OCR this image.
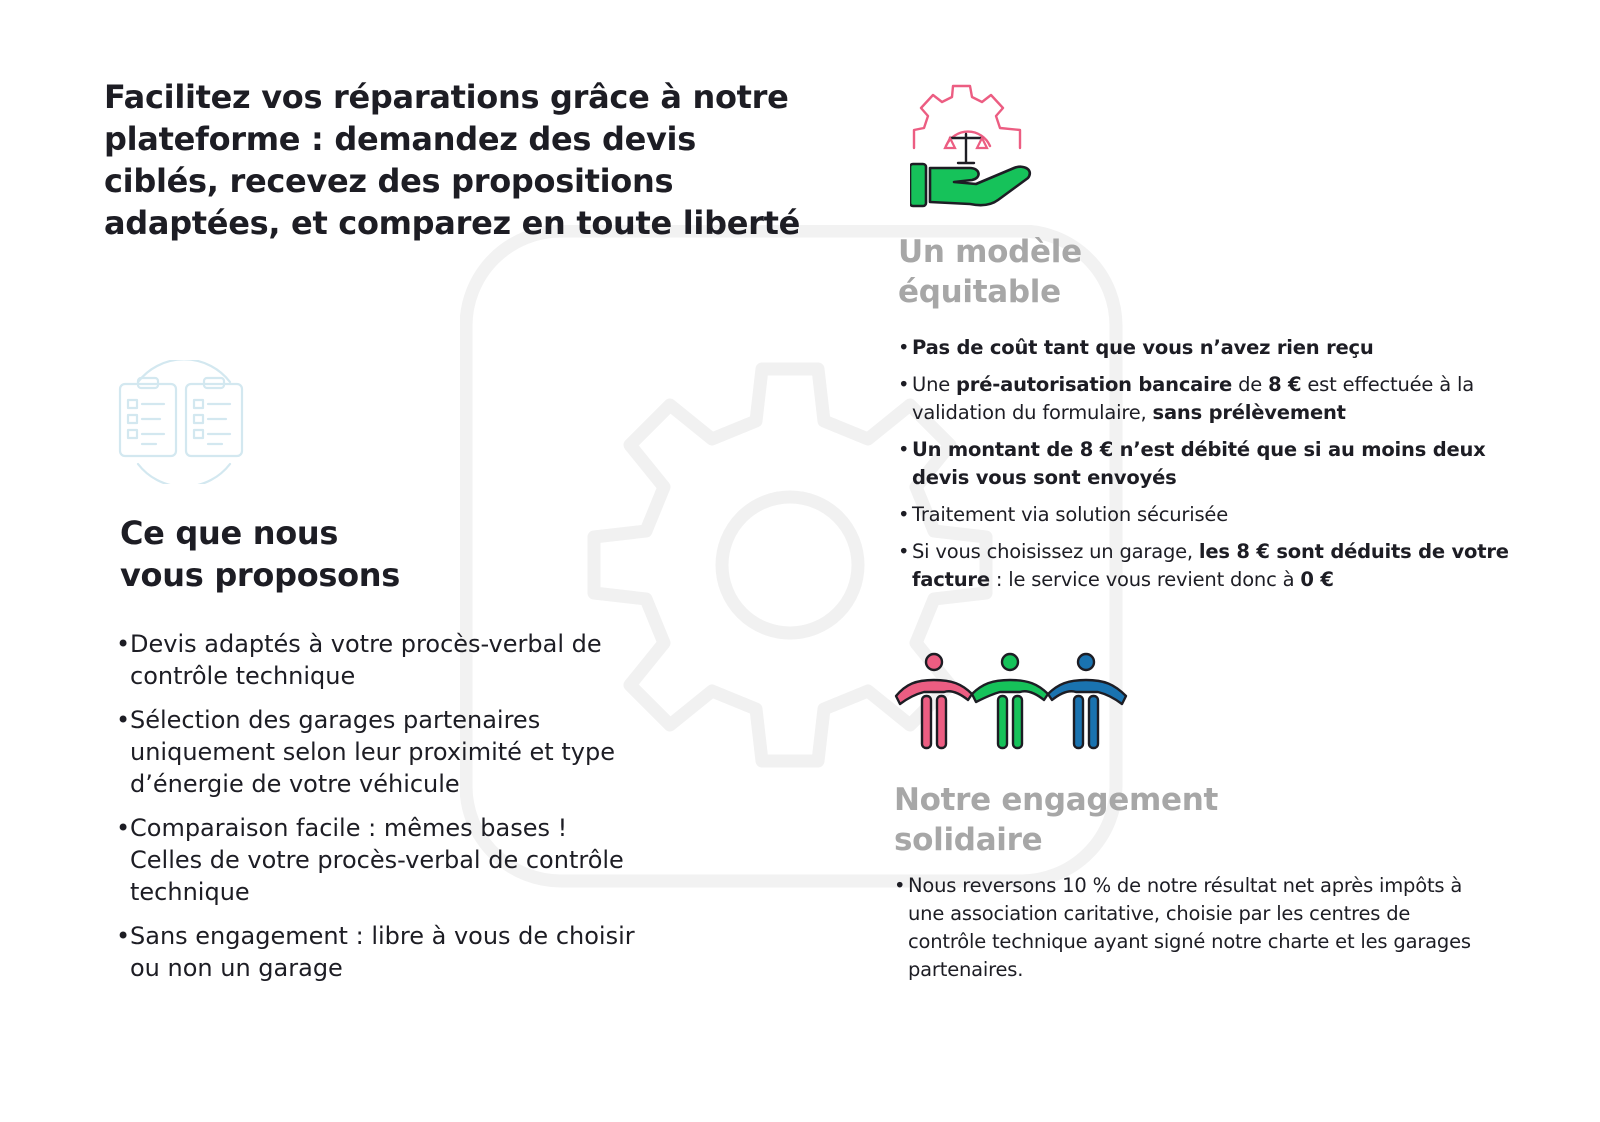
Facilitez vos réparations grâce à notre plateforme : demandez des devis ciblés, recevez des propositions adaptées, et comparez en toute liberté
Ce que nous
vous proposons
• Devis adaptés à votre procès-verbal de contrôle technique
• Sélection des garages partenaires uniquement selon leur proximité et type d’énergie de votre véhicule
• Comparaison facile : mêmes bases ! Celles de votre procès-verbal de contrôle technique
• Sans engagement : libre à vous de choisir ou non un garage
Un modèle
équitable
• Pas de coût tant que vous n’avez rien reçu
• Une pré-autorisation bancaire de 8 € est effectuée à la validation du formulaire, sans prélèvement
• Un montant de 8 € n’est débité que si au moins deux devis vous sont envoyés
• Traitement via solution sécurisée
• Si vous choisissez un garage, les 8 € sont déduits de votre facture : le service vous revient donc à 0 €
Notre engagement
solidaire
• Nous reversons 10 % de notre résultat net après impôts à une association caritative, choisie par les centres de contrôle technique ayant signé notre charte et les garages partenaires.
